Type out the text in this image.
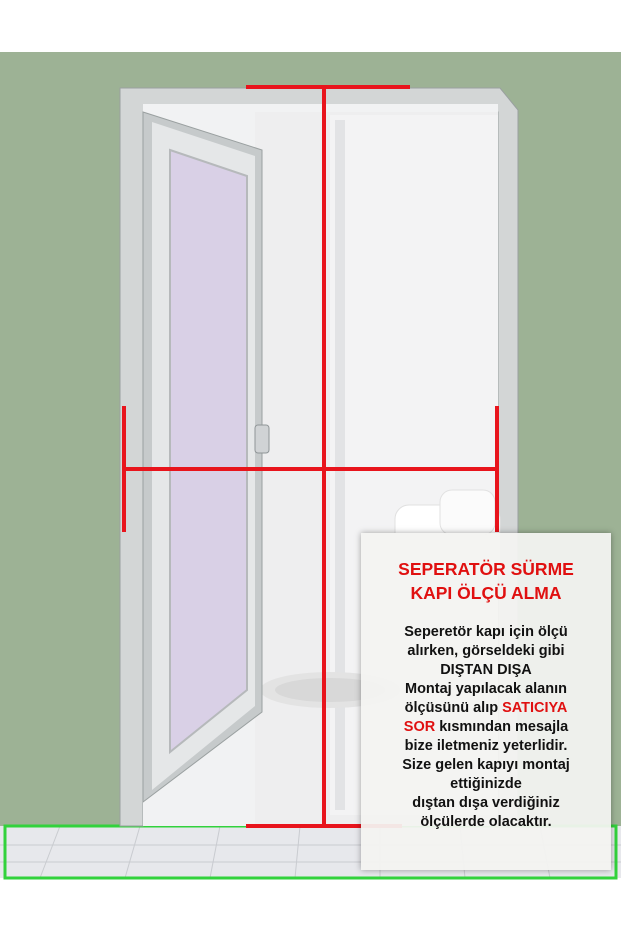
SEPERATÖR SÜRME
KAPI ÖLÇÜ ALMA
Seperetör kapı için ölçü
alırken, görseldeki gibi
DIŞTAN DIŞA
Montaj yapılacak alanın
ölçüsünü alıp SATICIYA
SOR kısmından mesajla
bize iletmeniz yeterlidir.
Size gelen kapıyı montaj
ettiğinizde
dıştan dışa verdiğiniz
ölçülerde olacaktır.
